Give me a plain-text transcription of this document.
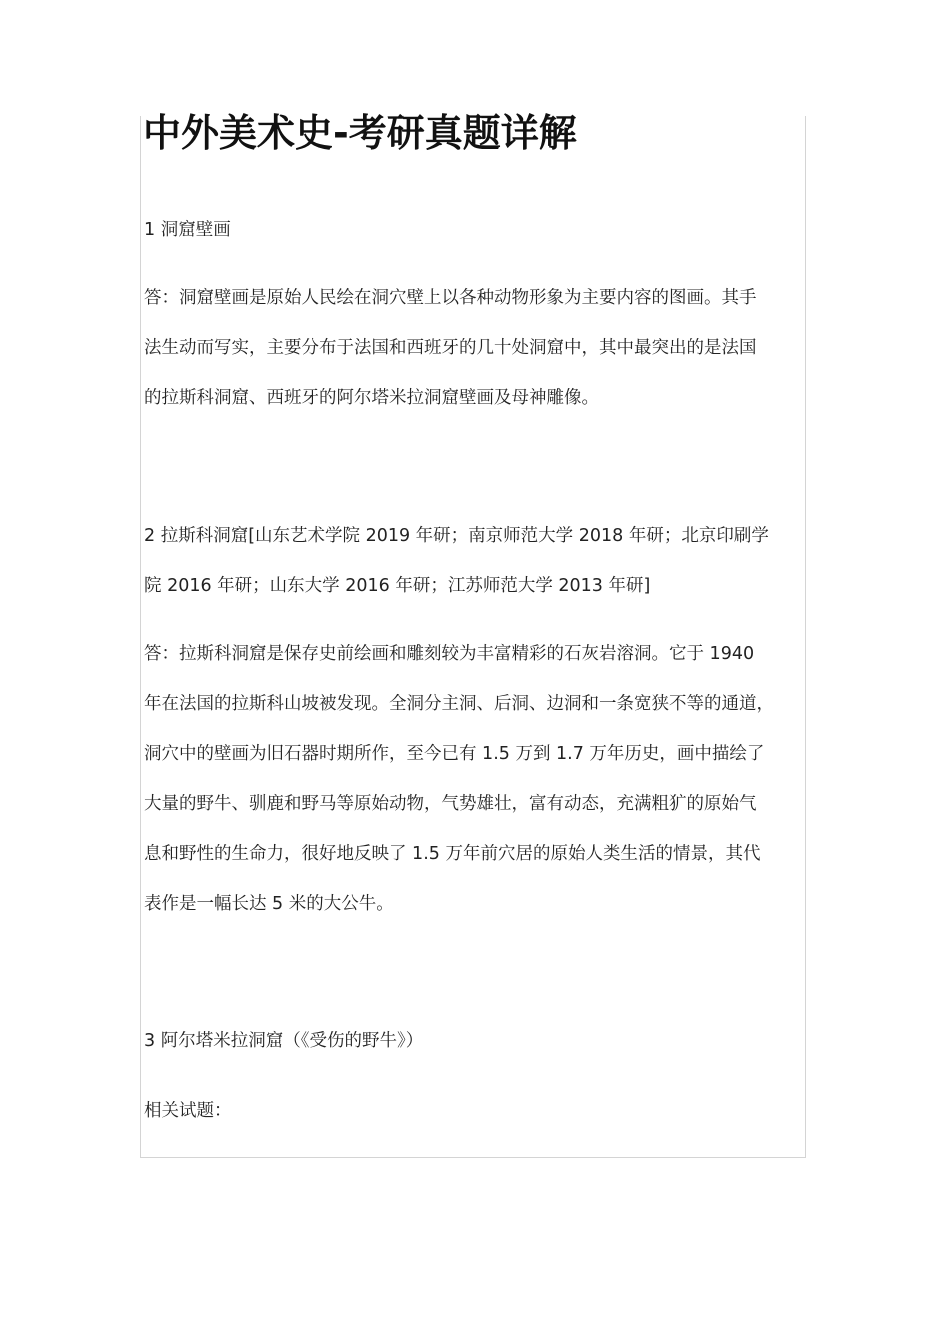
中外美术史-考研真题详解
1 洞窟壁画
答：洞窟壁画是原始人民绘在洞穴壁上以各种动物形象为主要内容的图画。其手
法生动而写实，主要分布于法国和西班牙的几十处洞窟中，其中最突出的是法国
的拉斯科洞窟、西班牙的阿尔塔米拉洞窟壁画及母神雕像。
2 拉斯科洞窟[山东艺术学院 2019 年研；南京师范大学 2018 年研；北京印刷学
院 2016 年研；山东大学 2016 年研；江苏师范大学 2013 年研]
答：拉斯科洞窟是保存史前绘画和雕刻较为丰富精彩的石灰岩溶洞。它于 1940
年在法国的拉斯科山坡被发现。全洞分主洞、后洞、边洞和一条宽狭不等的通道，
洞穴中的壁画为旧石器时期所作，至今已有 1.5 万到 1.7 万年历史，画中描绘了
大量的野牛、驯鹿和野马等原始动物，气势雄壮，富有动态，充满粗犷的原始气
息和野性的生命力，很好地反映了 1.5 万年前穴居的原始人类生活的情景，其代
表作是一幅长达 5 米的大公牛。
3 阿尔塔米拉洞窟（《受伤的野牛》）
相关试题：
